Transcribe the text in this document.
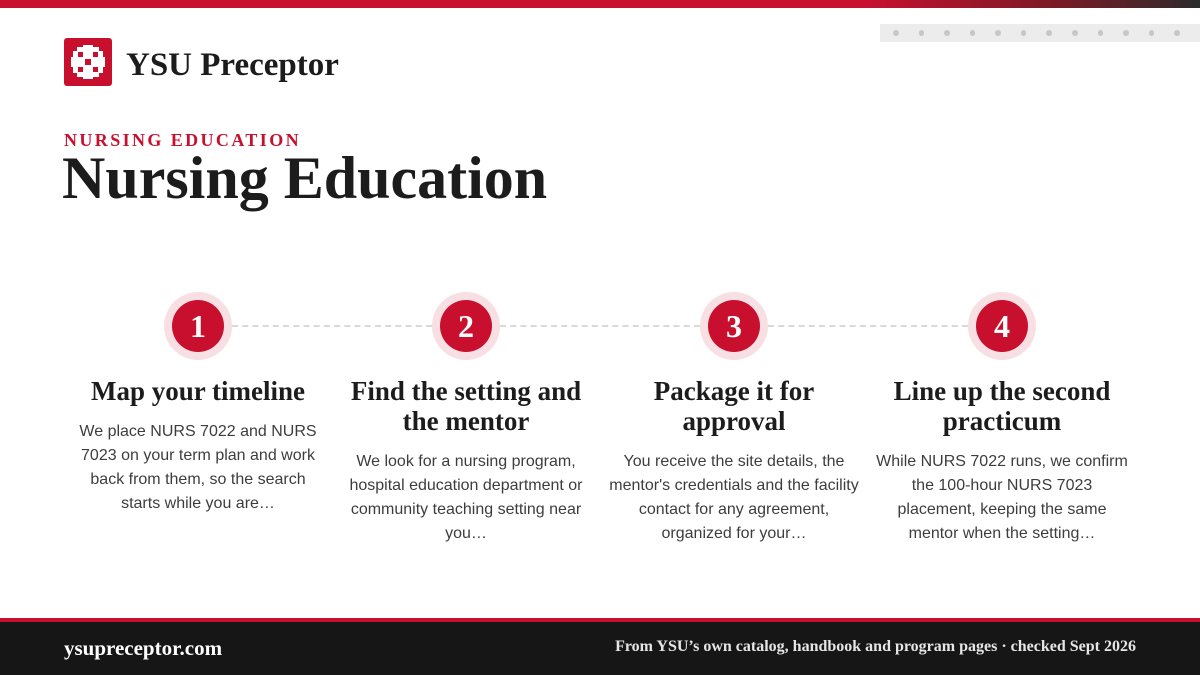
YSU Preceptor
NURSING EDUCATION
Nursing Education
1
Map your timeline
We place NURS 7022 and NURS 7023 on your term plan and work back from them, so the search starts while you are…
2
Find the setting and the mentor
We look for a nursing program, hospital education department or community teaching setting near you…
3
Package it for approval
You receive the site details, the mentor's credentials and the facility contact for any agreement, organized for your…
4
Line up the second practicum
While NURS 7022 runs, we confirm the 100-hour NURS 7023 placement, keeping the same mentor when the setting…
ysupreceptor.com	From YSU’s own catalog, handbook and program pages · checked Sept 2026
